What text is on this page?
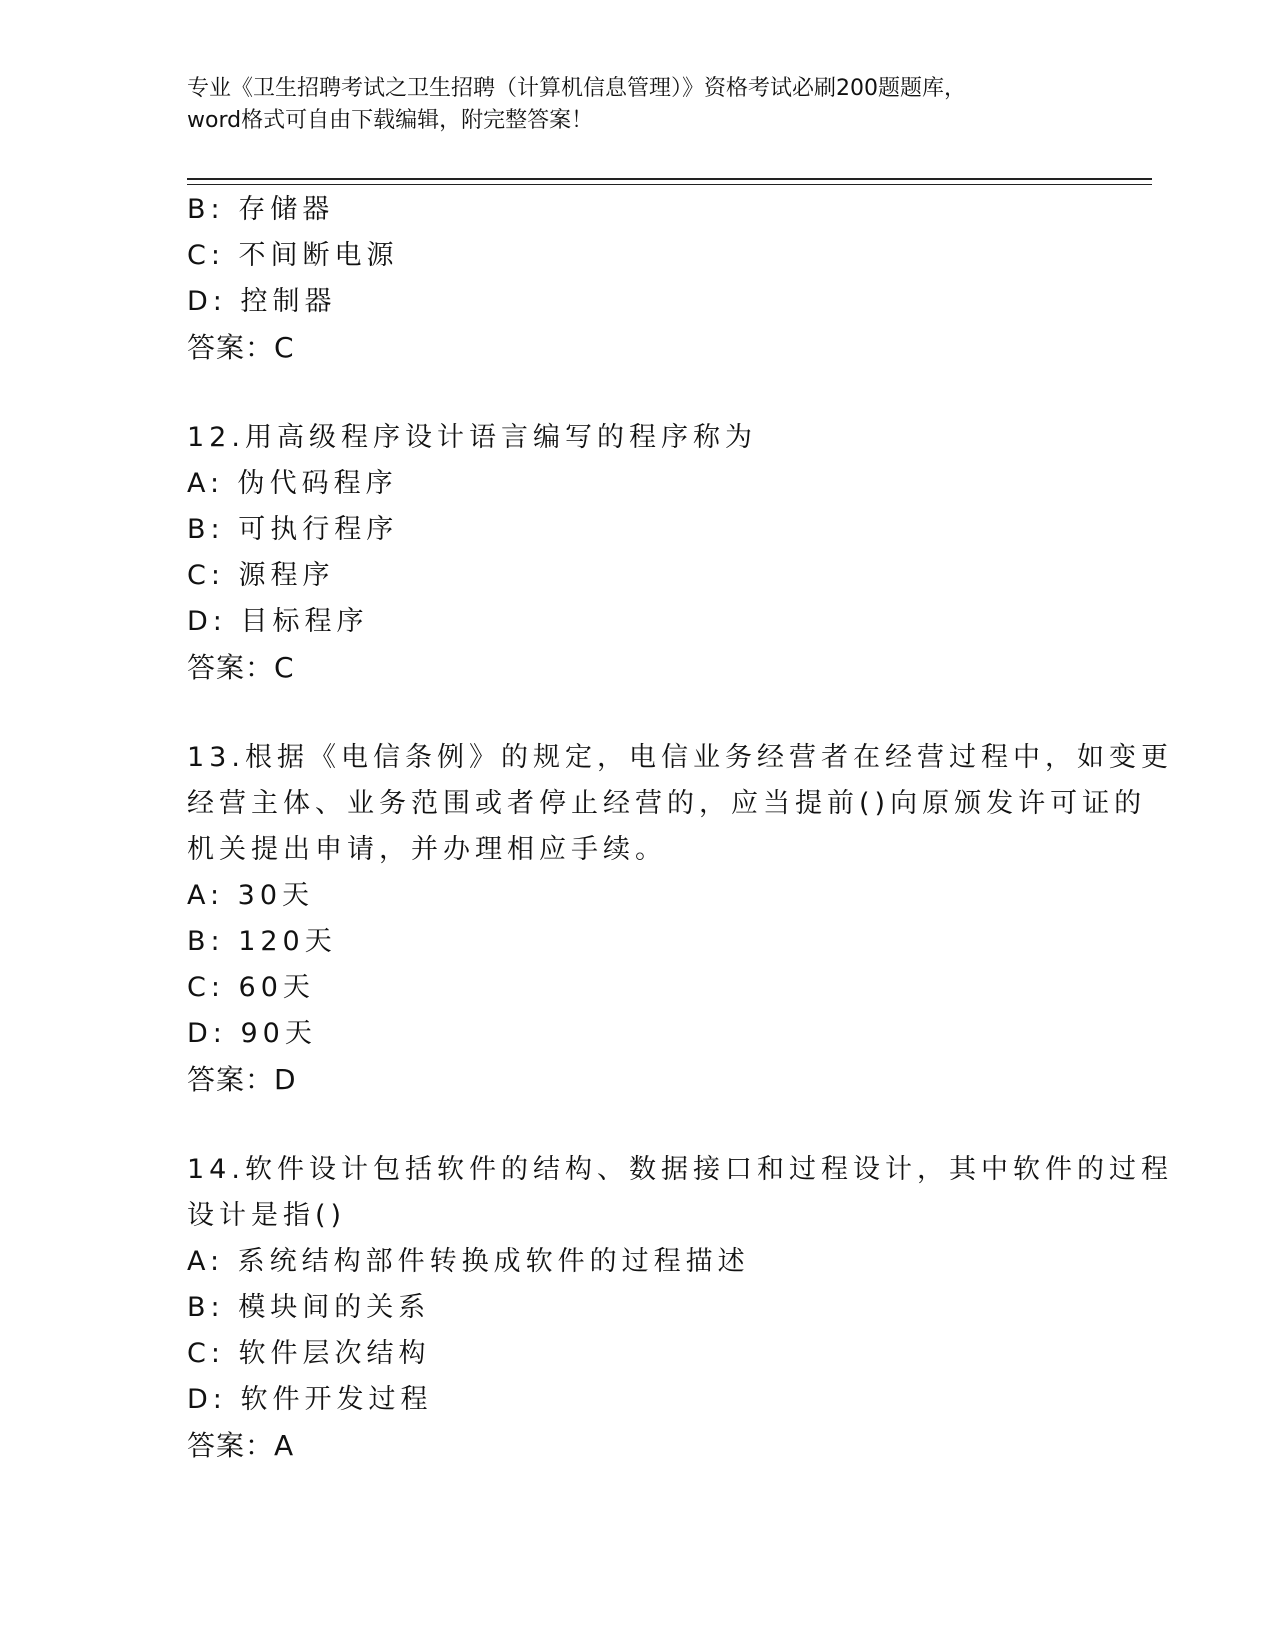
专业《卫生招聘考试之卫生招聘（计算机信息管理）》资格考试必刷200题题库，
word格式可自由下载编辑，附完整答案！
B: 存储器
C: 不间断电源
D: 控制器
答案：C
12.用高级程序设计语言编写的程序称为
A: 伪代码程序
B: 可执行程序
C: 源程序
D: 目标程序
答案：C
13.根据《电信条例》的规定，电信业务经营者在经营过程中，如变更
经营主体、业务范围或者停止经营的，应当提前()向原颁发许可证的
机关提出申请，并办理相应手续。
A: 30天
B: 120天
C: 60天
D: 90天
答案：D
14.软件设计包括软件的结构、数据接口和过程设计，其中软件的过程
设计是指()
A: 系统结构部件转换成软件的过程描述
B: 模块间的关系
C: 软件层次结构
D: 软件开发过程
答案：A
